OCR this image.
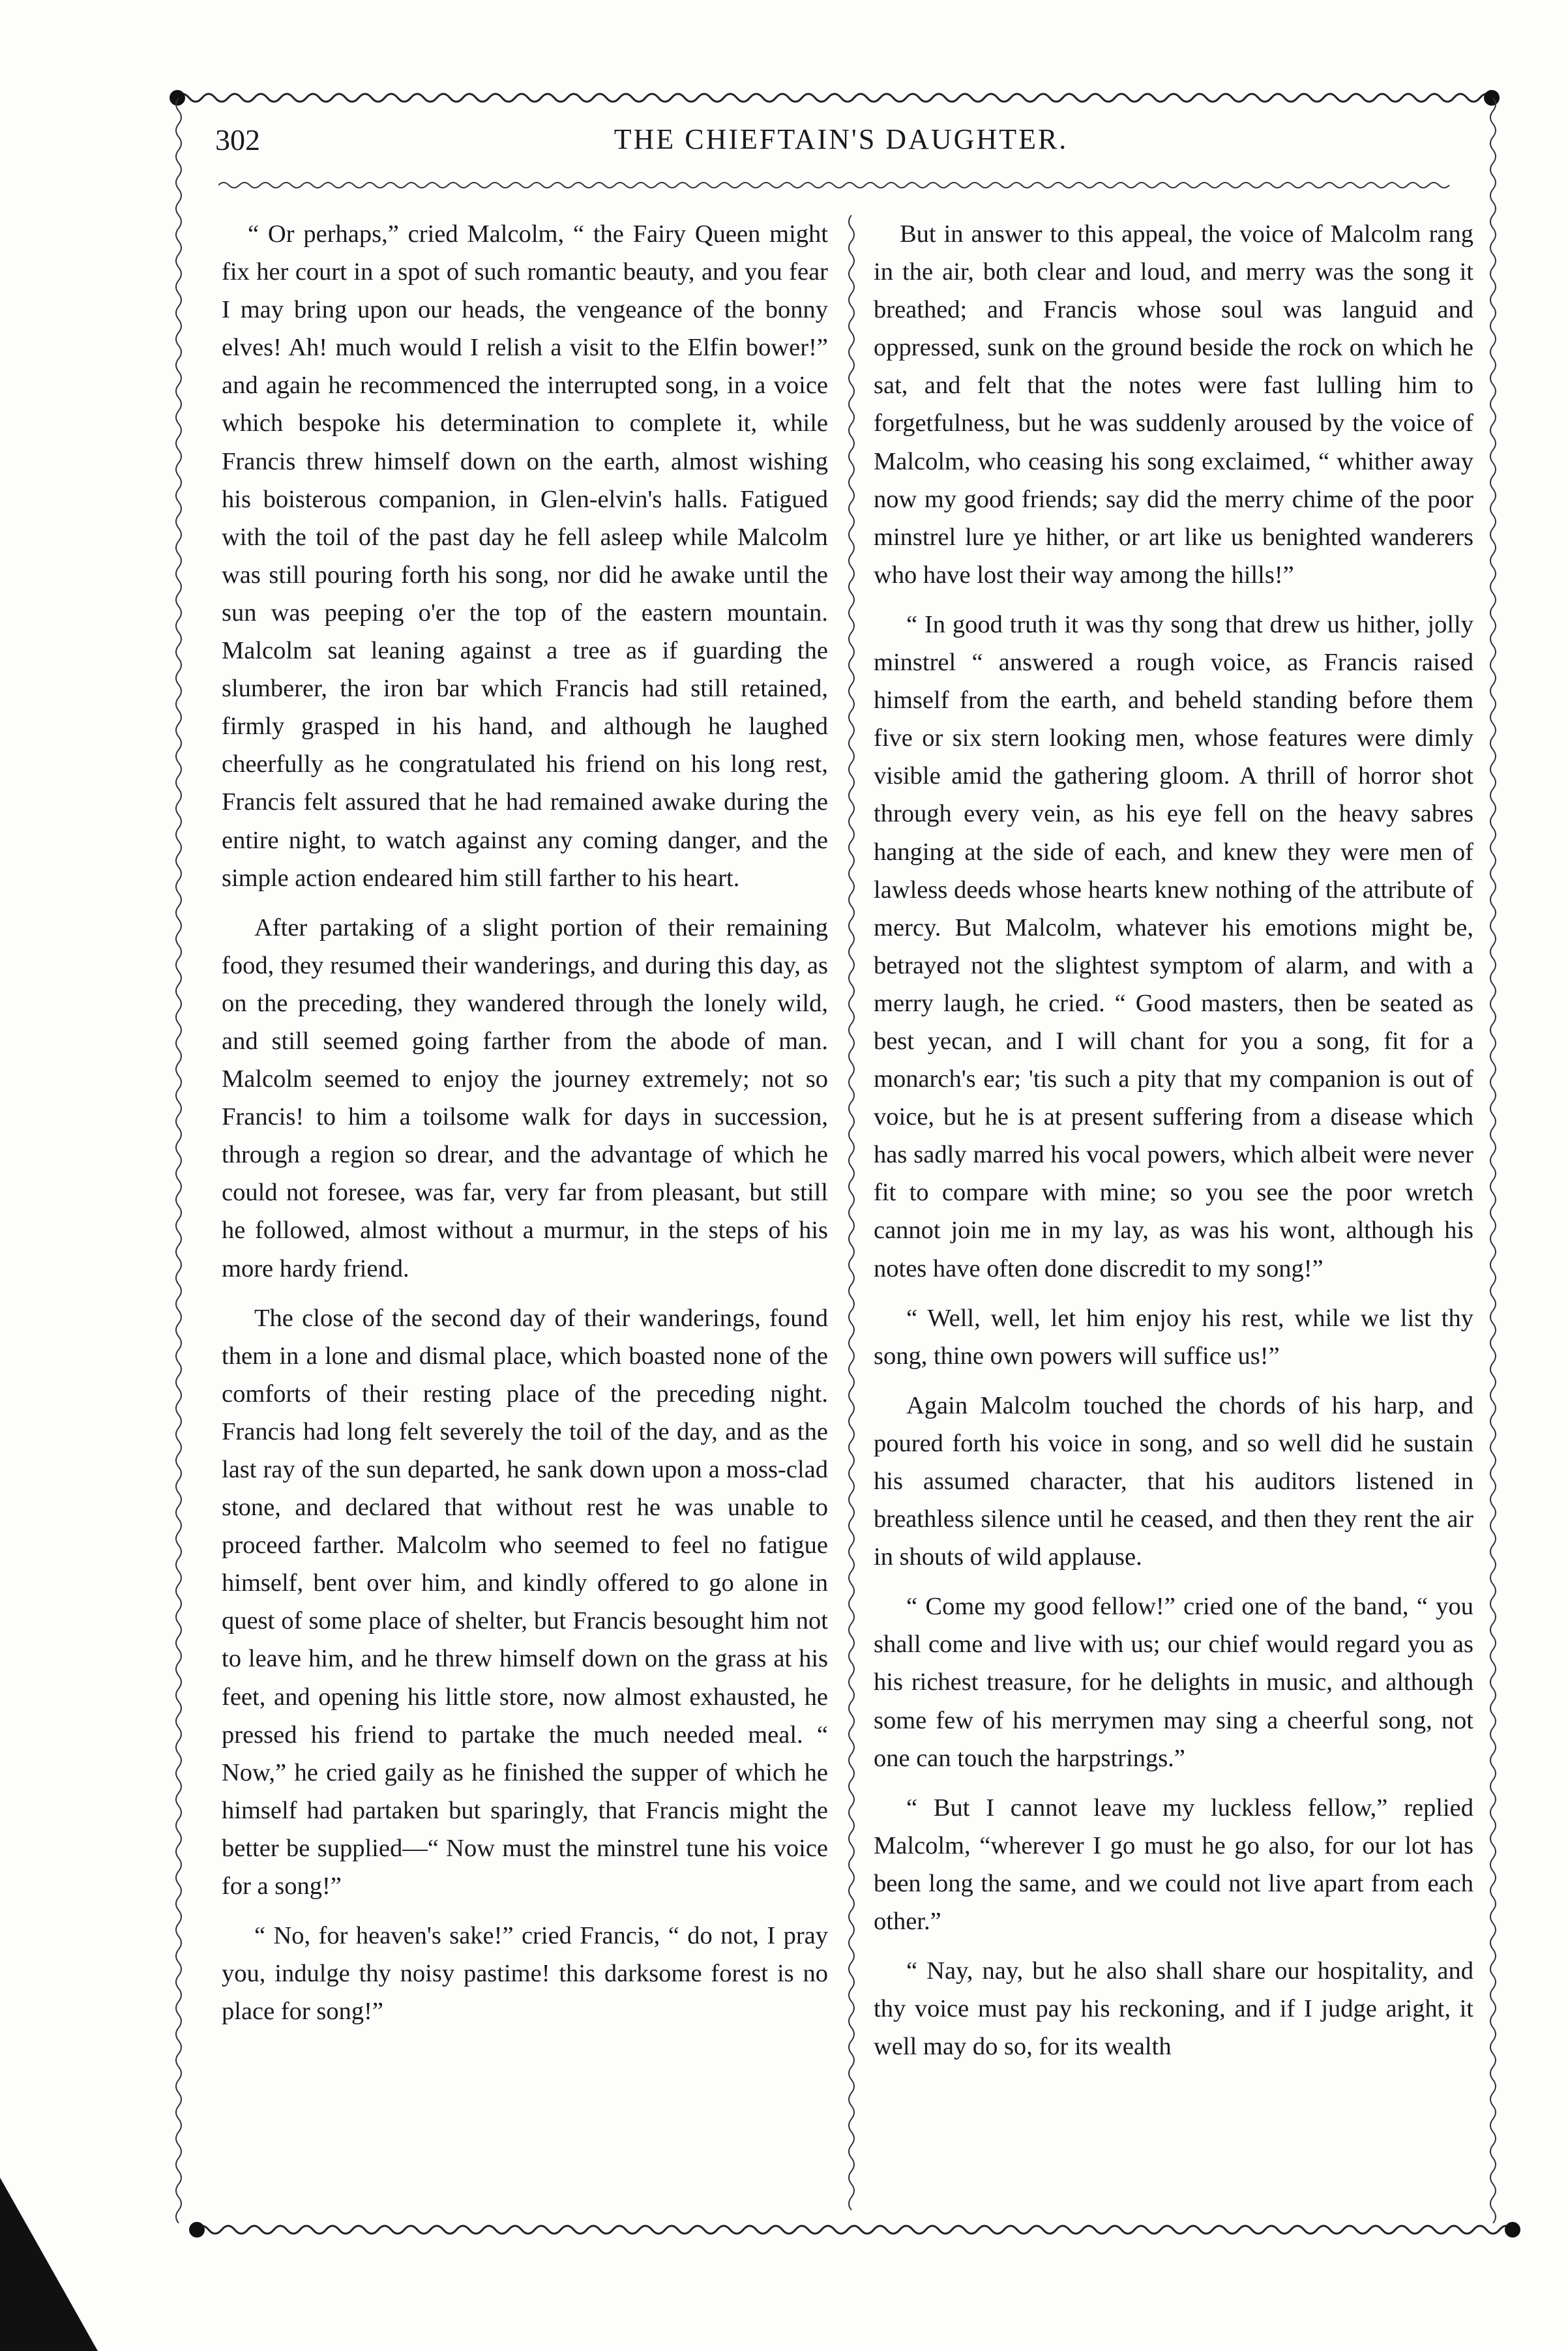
302	THE CHIEFTAIN'S DAUGHTER.

“ Or perhaps,” cried Malcolm, “ the Fairy Queen might fix her court in a spot of such romantic beauty, and you fear I may bring upon our heads, the vengeance of the bonny elves! Ah! much would I relish a visit to the Elfin bower!” and again he recommenced the interrupted song, in a voice which bespoke his determination to complete it, while Francis threw himself down on the earth, almost wishing his boisterous companion, in Glen-elvin's halls. Fatigued with the toil of the past day he fell asleep while Malcolm was still pouring forth his song, nor did he awake until the sun was peeping o'er the top of the eastern mountain. Malcolm sat leaning against a tree as if guarding the slumberer, the iron bar which Francis had still retained, firmly grasped in his hand, and although he laughed cheerfully as he congratulated his friend on his long rest, Francis felt assured that he had remained awake during the entire night, to watch against any coming danger, and the simple action endeared him still farther to his heart.

After partaking of a slight portion of their remaining food, they resumed their wanderings, and during this day, as on the preceding, they wandered through the lonely wild, and still seemed going farther from the abode of man. Malcolm seemed to enjoy the journey extremely; not so Francis! to him a toilsome walk for days in succession, through a region so drear, and the advantage of which he could not foresee, was far, very far from pleasant, but still he followed, almost without a murmur, in the steps of his more hardy friend.

The close of the second day of their wanderings, found them in a lone and dismal place, which boasted none of the comforts of their resting place of the preceding night. Francis had long felt severely the toil of the day, and as the last ray of the sun departed, he sank down upon a moss-clad stone, and declared that without rest he was unable to proceed farther. Malcolm who seemed to feel no fatigue himself, bent over him, and kindly offered to go alone in quest of some place of shelter, but Francis besought him not to leave him, and he threw himself down on the grass at his feet, and opening his little store, now almost exhausted, he pressed his friend to partake the much needed meal. “ Now,” he cried gaily as he finished the supper of which he himself had partaken but sparingly, that Francis might the better be supplied—“ Now must the minstrel tune his voice for a song!”

“ No, for heaven's sake!” cried Francis, “ do not, I pray you, indulge thy noisy pastime! this darksome forest is no place for song!”

But in answer to this appeal, the voice of Malcolm rang in the air, both clear and loud, and merry was the song it breathed; and Francis whose soul was languid and oppressed, sunk on the ground beside the rock on which he sat, and felt that the notes were fast lulling him to forgetfulness, but he was suddenly aroused by the voice of Malcolm, who ceasing his song exclaimed, “ whither away now my good friends; say did the merry chime of the poor minstrel lure ye hither, or art like us benighted wanderers who have lost their way among the hills!”

“ In good truth it was thy song that drew us hither, jolly minstrel “ answered a rough voice, as Francis raised himself from the earth, and beheld standing before them five or six stern looking men, whose features were dimly visible amid the gathering gloom. A thrill of horror shot through every vein, as his eye fell on the heavy sabres hanging at the side of each, and knew they were men of lawless deeds whose hearts knew nothing of the attribute of mercy. But Malcolm, whatever his emotions might be, betrayed not the slightest symptom of alarm, and with a merry laugh, he cried. “ Good masters, then be seated as best yecan, and I will chant for you a song, fit for a monarch's ear; 'tis such a pity that my companion is out of voice, but he is at present suffering from a disease which has sadly marred his vocal powers, which albeit were never fit to compare with mine; so you see the poor wretch cannot join me in my lay, as was his wont, although his notes have often done discredit to my song!”

“ Well, well, let him enjoy his rest, while we list thy song, thine own powers will suffice us!”

Again Malcolm touched the chords of his harp, and poured forth his voice in song, and so well did he sustain his assumed character, that his auditors listened in breathless silence until he ceased, and then they rent the air in shouts of wild applause.

“ Come my good fellow!” cried one of the band, “ you shall come and live with us; our chief would regard you as his richest treasure, for he delights in music, and although some few of his merrymen may sing a cheerful song, not one can touch the harpstrings.”

“ But I cannot leave my luckless fellow,” replied Malcolm, “wherever I go must he go also, for our lot has been long the same, and we could not live apart from each other.”

“ Nay, nay, but he also shall share our hospitality, and thy voice must pay his reckoning, and if I judge aright, it well may do so, for its wealth
